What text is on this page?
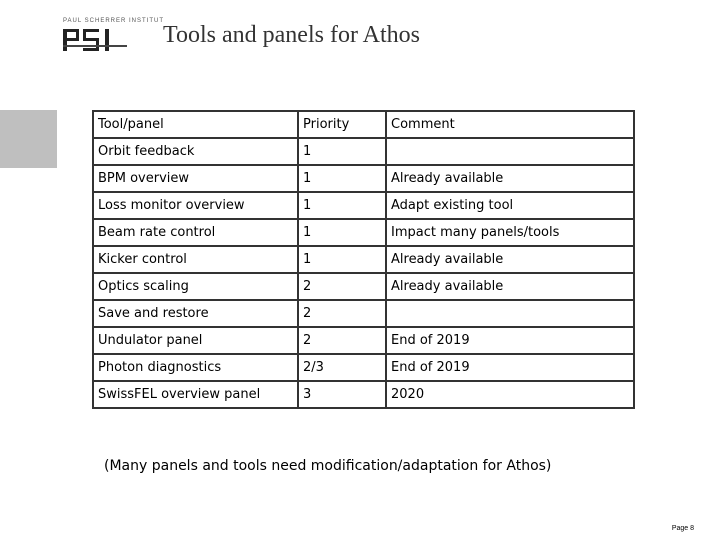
PAUL SCHERRER INSTITUT
Tools and panels for Athos
Tool/panel	Priority	Comment
Orbit feedback	1	
BPM overview	1	Already available
Loss monitor overview	1	Adapt existing tool
Beam rate control	1	Impact many panels/tools
Kicker control	1	Already available
Optics scaling	2	Already available
Save and restore	2	
Undulator panel	2	End of 2019
Photon diagnostics	2/3	End of 2019
SwissFEL overview panel	3	2020
(Many panels and tools need modification/adaptation for Athos)
Page 8
